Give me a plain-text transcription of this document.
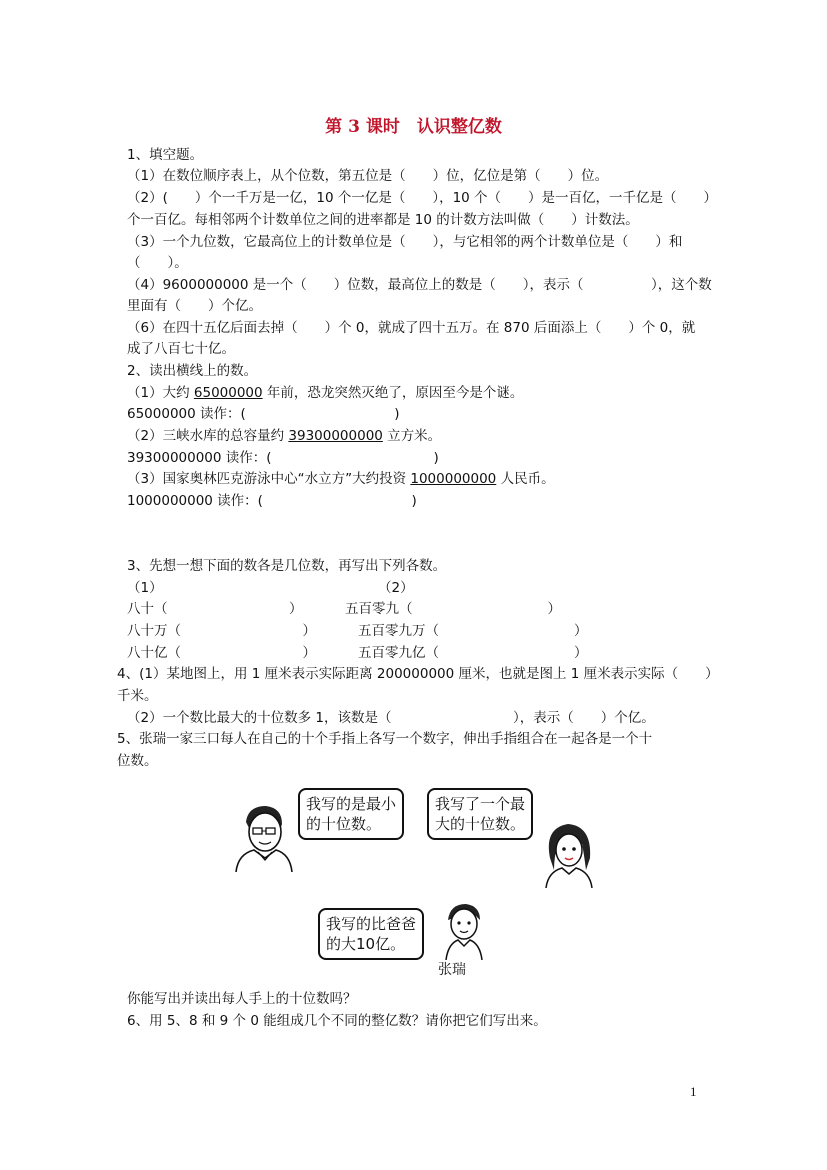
第 3 课时　认识整亿数
1、填空题。
（1）在数位顺序表上，从个位数，第五位是（　　）位，亿位是第（　　）位。
（2）(　　）个一千万是一亿，10 个一亿是（　　），10 个（　　）是一百亿，一千亿是（　　）
个一百亿。每相邻两个计数单位之间的进率都是 10 的计数方法叫做（　　）计数法。
（3）一个九位数，它最高位上的计数单位是（　　），与它相邻的两个计数单位是（　　）和
（　　）。
（4）9600000000 是一个（　　）位数，最高位上的数是（　　），表示（　　　　　），这个数
里面有（　　）个亿。
（6）在四十五亿后面去掉（　　）个 0，就成了四十五万。在 870 后面添上（　　）个 0，就
成了八百七十亿。
2、读出横线上的数。
（1）大约 65000000 年前，恐龙突然灭绝了，原因至今是个谜。
65000000 读作：(　　　　　　　　　　　)
（2）三峡水库的总容量约 39300000000 立方米。
39300000000 读作：(　　　　　　　　　　　　)
（3）国家奥林匹克游泳中心“水立方”大约投资 1000000000 人民币。
1000000000 读作：(　　　　　　　　　　　)
3、先想一想下面的数各是几位数，再写出下列各数。
（1）	（2）
八十（　　　　　　　　　）	五百零九（　　　　　　　　　　）
八十万（　　　　　　　　　）	五百零九万（　　　　　　　　　　）
八十亿（　　　　　　　　　）	五百零九亿（　　　　　　　　　　）
4、(1）某地图上，用 1 厘米表示实际距离 200000000 厘米，也就是图上 1 厘米表示实际（　　）
千米。
（2）一个数比最大的十位数多 1，该数是（　　　　　　　　　），表示（　　）个亿。
5、张瑞一家三口每人在自己的十个手指上各写一个数字，伸出手指组合在一起各是一个十
位数。
我写的是最小
的十位数。
我写了一个最
大的十位数。
我写的比爸爸
的大10亿。
张瑞
你能写出并读出每人手上的十位数吗？
6、用 5、8 和 9 个 0 能组成几个不同的整亿数？请你把它们写出来。
1
